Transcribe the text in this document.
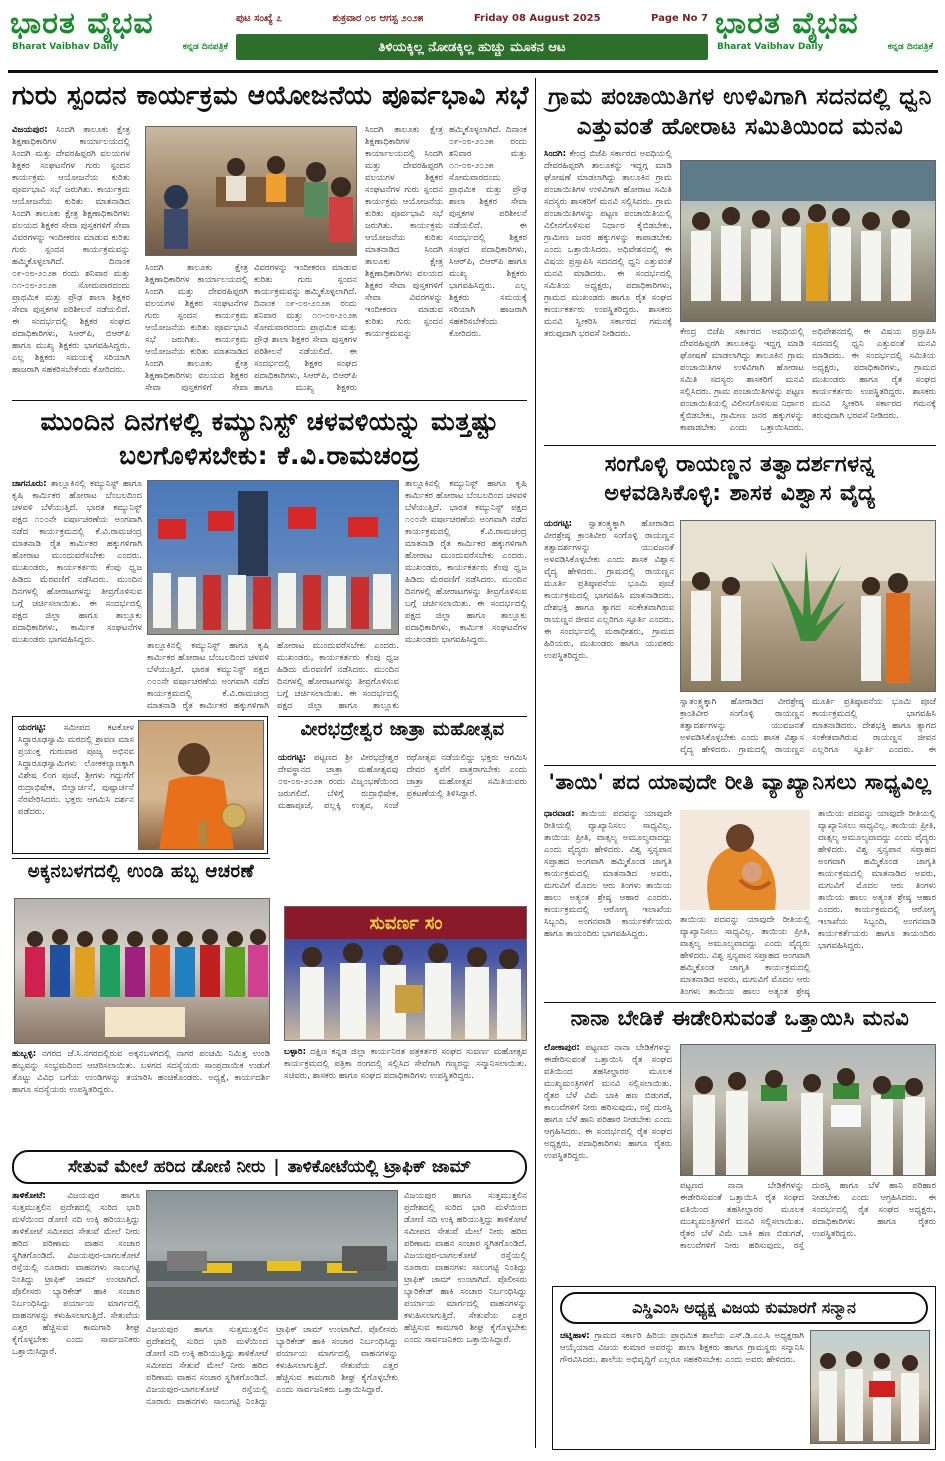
ಭಾರತ ವೈಭವ
Bharat Vaibhav Daily	ಕನ್ನಡ ದಿನಪತ್ರಿಕೆ
ಪುಟ ಸಂಖ್ಯೆ ೭	ಶುಕ್ರವಾರ ೦೮ ಆಗಸ್ಟ ೨೦೨೫	Friday 08 August 2025	Page No 7
ತಿಳಿಯಕ್ಕಿಲ್ಲ ನೋಡಕ್ಕಿಲ್ಲ ಹುಚ್ಚು ಮೂಕನ ಆಟ
ಭಾರತ ವೈಭವ
Bharat Vaibhav Daily	ಕನ್ನಡ ದಿನಪತ್ರಿಕೆ
ಗುರು ಸ್ಪಂದನ ಕಾರ್ಯಕ್ರಮ ಆಯೋಜನೆಯ ಪೂರ್ವಭಾವಿ ಸಭೆ
ವಿಜಯಪುರ: ಸಿಂದಗಿ ತಾಲೂಕು ಕ್ಷೇತ್ರ ಶಿಕ್ಷಣಾಧಿಕಾರಿಗಳ ಕಾರ್ಯಾಲಯದಲ್ಲಿ ಸಿಂದಗಿ ಮತ್ತು ದೇವರಹಿಪ್ಪರಗಿ ವಲಯಗಳ ಶಿಕ್ಷಕರ ಸಂಘಟನೆಗಳ ಗುರು ಸ್ಪಂದನ ಕಾರ್ಯಕ್ರಮ ಆಯೋಜನೆಯ ಕುರಿತು ಪೂರ್ವಭಾವಿ ಸಭೆ ಜರುಗಿತು. ಕಾರ್ಯಕ್ರಮ ಆಯೋಜನೆಯ ಕುರಿತು ಮಾತನಾಡಿದ ಸಿಂದಗಿ ತಾಲೂಕು ಕ್ಷೇತ್ರ ಶಿಕ್ಷಣಾಧಿಕಾರಿಗಳು ವಲಯದ ಶಿಕ್ಷಕರ ಸೇವಾ ಪುಸ್ತಕಗಳಿಗೆ ಸೇವಾ ವಿವರಗಳನ್ನು ಇಂದೀಕರಣ ಮಾಡುವ ಕುರಿತು ಗುರು ಸ್ಪಂದನ ಕಾರ್ಯಕ್ರಮವನ್ನು ಹಮ್ಮಿಕೊಳ್ಳಲಾಗಿದೆ. ದಿನಾಂಕ ೦೯-೦೮-೨೦೨೫ ರಂದು ಶನಿವಾರ ಮತ್ತು ೧೧-೦೮-೨೦೨೫ ಸೋಮವಾರದಂದು ಪ್ರಾಥಮಿಕ ಮತ್ತು ಪ್ರೌಢ ಶಾಲಾ ಶಿಕ್ಷಕರ ಸೇವಾ ಪುಸ್ತಕಗಳ ಪರಿಶೀಲನೆ ನಡೆಯಲಿದೆ. ಈ ಸಂದರ್ಭದಲ್ಲಿ ಶಿಕ್ಷಕರ ಸಂಘದ ಪದಾಧಿಕಾರಿಗಳು, ಸಿಆರ್‌ಪಿ, ಬಿಆರ್‌ಪಿ ಹಾಗೂ ಮುಖ್ಯ ಶಿಕ್ಷಕರು ಭಾಗವಹಿಸಿದ್ದರು. ಎಲ್ಲ ಶಿಕ್ಷಕರು ಸಮಯಕ್ಕೆ ಸರಿಯಾಗಿ ಹಾಜರಾಗಿ ಸಹಕರಿಸಬೇಕೆಂದು ಕೋರಿದರು.
ಸಿಂದಗಿ ತಾಲೂಕು ಕ್ಷೇತ್ರ ಶಿಕ್ಷಣಾಧಿಕಾರಿಗಳ ಕಾರ್ಯಾಲಯದಲ್ಲಿ ಸಿಂದಗಿ ಮತ್ತು ದೇವರಹಿಪ್ಪರಗಿ ವಲಯಗಳ ಶಿಕ್ಷಕರ ಸಂಘಟನೆಗಳ ಗುರು ಸ್ಪಂದನ ಕಾರ್ಯಕ್ರಮ ಆಯೋಜನೆಯ ಕುರಿತು ಪೂರ್ವಭಾವಿ ಸಭೆ ಜರುಗಿತು. ಕಾರ್ಯಕ್ರಮ ಆಯೋಜನೆಯ ಕುರಿತು ಮಾತನಾಡಿದ ಸಿಂದಗಿ ತಾಲೂಕು ಕ್ಷೇತ್ರ ಶಿಕ್ಷಣಾಧಿಕಾರಿಗಳು ವಲಯದ ಶಿಕ್ಷಕರ ಸೇವಾ ಪುಸ್ತಕಗಳಿಗೆ ಸೇವಾ ವಿವರಗಳನ್ನು ಇಂದೀಕರಣ ಮಾಡುವ ಕುರಿತು ಗುರು ಸ್ಪಂದನ ಕಾರ್ಯಕ್ರಮವನ್ನು ಹಮ್ಮಿಕೊಳ್ಳಲಾಗಿದೆ. ದಿನಾಂಕ ೦೯-೦೮-೨೦೨೫ ರಂದು ಶನಿವಾರ ಮತ್ತು ೧೧-೦೮-೨೦೨೫ ಸೋಮವಾರದಂದು ಪ್ರಾಥಮಿಕ ಮತ್ತು ಪ್ರೌಢ ಶಾಲಾ ಶಿಕ್ಷಕರ ಸೇವಾ ಪುಸ್ತಕಗಳ ಪರಿಶೀಲನೆ ನಡೆಯಲಿದೆ. ಈ ಸಂದರ್ಭದಲ್ಲಿ ಶಿಕ್ಷಕರ ಸಂಘದ ಪದಾಧಿಕಾರಿಗಳು, ಸಿಆರ್‌ಪಿ, ಬಿಆರ್‌ಪಿ ಹಾಗೂ ಮುಖ್ಯ ಶಿಕ್ಷಕರು ಭಾಗವಹಿಸಿದ್ದರು. ಎಲ್ಲ ಶಿಕ್ಷಕರು ಸಮಯಕ್ಕೆ ಸರಿಯಾಗಿ ಹಾಜರಾಗಿ ಸಹಕರಿಸಬೇಕೆಂದು ಕೋರಿದರು.
ಸಿಂದಗಿ ತಾಲೂಕು ಕ್ಷೇತ್ರ ಶಿಕ್ಷಣಾಧಿಕಾರಿಗಳ ಕಾರ್ಯಾಲಯದಲ್ಲಿ ಸಿಂದಗಿ ಮತ್ತು ದೇವರಹಿಪ್ಪರಗಿ ವಲಯಗಳ ಶಿಕ್ಷಕರ ಸಂಘಟನೆಗಳ ಗುರು ಸ್ಪಂದನ ಕಾರ್ಯಕ್ರಮ ಆಯೋಜನೆಯ ಕುರಿತು ಪೂರ್ವಭಾವಿ ಸಭೆ ಜರುಗಿತು. ಕಾರ್ಯಕ್ರಮ ಆಯೋಜನೆಯ ಕುರಿತು ಮಾತನಾಡಿದ ಸಿಂದಗಿ ತಾಲೂಕು ಕ್ಷೇತ್ರ ಶಿಕ್ಷಣಾಧಿಕಾರಿಗಳು ವಲಯದ ಶಿಕ್ಷಕರ ಸೇವಾ ಪುಸ್ತಕಗಳಿಗೆ ಸೇವಾ ವಿವರಗಳನ್ನು ಇಂದೀಕರಣ ಮಾಡುವ ಕುರಿತು ಗುರು ಸ್ಪಂದನ ಕಾರ್ಯಕ್ರಮವನ್ನು ಹಮ್ಮಿಕೊಳ್ಳಲಾಗಿದೆ. ದಿನಾಂಕ ೦೯-೦೮-೨೦೨೫ ರಂದು ಶನಿವಾರ ಮತ್ತು ೧೧-೦೮-೨೦೨೫ ಸೋಮವಾರದಂದು ಪ್ರಾಥಮಿಕ ಮತ್ತು ಪ್ರೌಢ ಶಾಲಾ ಶಿಕ್ಷಕರ ಸೇವಾ ಪುಸ್ತಕಗಳ ಪರಿಶೀಲನೆ ನಡೆಯಲಿದೆ. ಈ ಸಂದರ್ಭದಲ್ಲಿ ಶಿಕ್ಷಕರ ಸಂಘದ ಪದಾಧಿಕಾರಿಗಳು, ಸಿಆರ್‌ಪಿ, ಬಿಆರ್‌ಪಿ ಹಾಗೂ ಮುಖ್ಯ ಶಿಕ್ಷಕರು
ಗ್ರಾಮ ಪಂಚಾಯಿತಿಗಳ ಉಳಿವಿಗಾಗಿ ಸದನದಲ್ಲಿ ಧ್ವನಿ ಎತ್ತುವಂತೆ ಹೋರಾಟ ಸಮಿತಿಯಿಂದ ಮನವಿ
ಸಿಂದಗಿ: ಕೇಂದ್ರ ಬಿಜೆಪಿ ಸರ್ಕಾರದ ಅವಧಿಯಲ್ಲಿ ದೇವರಹಿಪ್ಪರಗಿ ತಾಲೂಕನ್ನು ಇದ್ದಗ್ಗ ಮಾಡಿ ಘೋಷಣೆ ಮಾಡಲಾಗಿದ್ದು ತಾಲೂಕಿನ ಗ್ರಾಮ ಪಂಚಾಯಿತಿಗಳ ಉಳಿವಿಗಾಗಿ ಹೋರಾಟ ಸಮಿತಿ ಸದಸ್ಯರು ಶಾಸಕರಿಗೆ ಮನವಿ ಸಲ್ಲಿಸಿದರು. ಗ್ರಾಮ ಪಂಚಾಯಿತಿಗಳನ್ನು ಪಟ್ಟಣ ಪಂಚಾಯಿತಿಯಲ್ಲಿ ವಿಲೀನಗೊಳಿಸುವ ನಿರ್ಧಾರ ಕೈಬಿಡಬೇಕು, ಗ್ರಾಮೀಣ ಜನರ ಹಕ್ಕುಗಳನ್ನು ಕಾಪಾಡಬೇಕು ಎಂದು ಒತ್ತಾಯಿಸಿದರು. ಅಧಿವೇಶನದಲ್ಲಿ ಈ ವಿಷಯ ಪ್ರಸ್ತಾಪಿಸಿ ಸದನದಲ್ಲಿ ಧ್ವನಿ ಎತ್ತುವಂತೆ ಮನವಿ ಮಾಡಿದರು. ಈ ಸಂದರ್ಭದಲ್ಲಿ ಸಮಿತಿಯ ಅಧ್ಯಕ್ಷರು, ಪದಾಧಿಕಾರಿಗಳು, ಗ್ರಾಮದ ಮುಖಂಡರು ಹಾಗೂ ರೈತ ಸಂಘದ ಕಾರ್ಯಕರ್ತರು ಉಪಸ್ಥಿತರಿದ್ದರು. ಶಾಸಕರು ಮನವಿ ಸ್ವೀಕರಿಸಿ ಸರ್ಕಾರದ ಗಮನಕ್ಕೆ ತರುವುದಾಗಿ ಭರವಸೆ ನೀಡಿದರು.	ಕೇಂದ್ರ ಬಿಜೆಪಿ ಸರ್ಕಾರದ ಅವಧಿಯಲ್ಲಿ ದೇವರಹಿಪ್ಪರಗಿ ತಾಲೂಕನ್ನು ಇದ್ದಗ್ಗ ಮಾಡಿ ಘೋಷಣೆ ಮಾಡಲಾಗಿದ್ದು ತಾಲೂಕಿನ ಗ್ರಾಮ ಪಂಚಾಯಿತಿಗಳ ಉಳಿವಿಗಾಗಿ ಹೋರಾಟ ಸಮಿತಿ ಸದಸ್ಯರು ಶಾಸಕರಿಗೆ ಮನವಿ ಸಲ್ಲಿಸಿದರು. ಗ್ರಾಮ ಪಂಚಾಯಿತಿಗಳನ್ನು ಪಟ್ಟಣ ಪಂಚಾಯಿತಿಯಲ್ಲಿ ವಿಲೀನಗೊಳಿಸುವ ನಿರ್ಧಾರ ಕೈಬಿಡಬೇಕು, ಗ್ರಾಮೀಣ ಜನರ ಹಕ್ಕುಗಳನ್ನು ಕಾಪಾಡಬೇಕು ಎಂದು ಒತ್ತಾಯಿಸಿದರು. ಅಧಿವೇಶನದಲ್ಲಿ ಈ ವಿಷಯ ಪ್ರಸ್ತಾಪಿಸಿ ಸದನದಲ್ಲಿ ಧ್ವನಿ ಎತ್ತುವಂತೆ ಮನವಿ ಮಾಡಿದರು. ಈ ಸಂದರ್ಭದಲ್ಲಿ ಸಮಿತಿಯ ಅಧ್ಯಕ್ಷರು, ಪದಾಧಿಕಾರಿಗಳು, ಗ್ರಾಮದ ಮುಖಂಡರು ಹಾಗೂ ರೈತ ಸಂಘದ ಕಾರ್ಯಕರ್ತರು ಉಪಸ್ಥಿತರಿದ್ದರು. ಶಾಸಕರು ಮನವಿ ಸ್ವೀಕರಿಸಿ ಸರ್ಕಾರದ ಗಮನಕ್ಕೆ ತರುವುದಾಗಿ ಭರವಸೆ ನೀಡಿದರು.
ಮುಂದಿನ ದಿನಗಳಲ್ಲಿ ಕಮ್ಯುನಿಸ್ಟ್ ಚಳವಳಿಯನ್ನು ಮತ್ತಷ್ಟು ಬಲಗೊಳಿಸಬೇಕು: ಕೆ.ವಿ.ರಾಮಚಂದ್ರ
ಚಾಗನೂರು: ತಾಲ್ಲೂಕಿನಲ್ಲಿ ಕಮ್ಯುನಿಸ್ಟ್ ಹಾಗೂ ಕೃಷಿ ಕಾರ್ಮಿಕರ ಹೋರಾಟ ಬೆಂಬಲದಿಂದ ಚಳವಳಿ ಬೆಳೆಯುತ್ತಿದೆ. ಭಾರತ ಕಮ್ಯುನಿಸ್ಟ್ ಪಕ್ಷದ ೧೦೦ನೇ ವರ್ಷಾಚರಣೆಯ ಅಂಗವಾಗಿ ನಡೆದ ಕಾರ್ಯಕ್ರಮದಲ್ಲಿ ಕೆ.ವಿ.ರಾಮಚಂದ್ರ ಮಾತನಾಡಿ ರೈತ ಕಾರ್ಮಿಕರ ಹಕ್ಕುಗಳಿಗಾಗಿ ಹೋರಾಟ ಮುಂದುವರೆಸಬೇಕು ಎಂದರು. ಮುಖಂಡರು, ಕಾರ್ಯಕರ್ತರು ಕೆಂಪು ಧ್ವಜ ಹಿಡಿದು ಮೆರವಣಿಗೆ ನಡೆಸಿದರು. ಮುಂದಿನ ದಿನಗಳಲ್ಲಿ ಹೋರಾಟಗಳನ್ನು ತೀವ್ರಗೊಳಿಸುವ ಬಗ್ಗೆ ಚರ್ಚಿಸಲಾಯಿತು. ಈ ಸಂದರ್ಭದಲ್ಲಿ ಪಕ್ಷದ ಜಿಲ್ಲಾ ಹಾಗೂ ತಾಲ್ಲೂಕು ಪದಾಧಿಕಾರಿಗಳು, ಕಾರ್ಮಿಕ ಸಂಘಟನೆಗಳ ಮುಖಂಡರು ಭಾಗವಹಿಸಿದ್ದರು.
ತಾಲ್ಲೂಕಿನಲ್ಲಿ ಕಮ್ಯುನಿಸ್ಟ್ ಹಾಗೂ ಕೃಷಿ ಕಾರ್ಮಿಕರ ಹೋರಾಟ ಬೆಂಬಲದಿಂದ ಚಳವಳಿ ಬೆಳೆಯುತ್ತಿದೆ. ಭಾರತ ಕಮ್ಯುನಿಸ್ಟ್ ಪಕ್ಷದ ೧೦೦ನೇ ವರ್ಷಾಚರಣೆಯ ಅಂಗವಾಗಿ ನಡೆದ ಕಾರ್ಯಕ್ರಮದಲ್ಲಿ ಕೆ.ವಿ.ರಾಮಚಂದ್ರ ಮಾತನಾಡಿ ರೈತ ಕಾರ್ಮಿಕರ ಹಕ್ಕುಗಳಿಗಾಗಿ ಹೋರಾಟ ಮುಂದುವರೆಸಬೇಕು ಎಂದರು. ಮುಖಂಡರು, ಕಾರ್ಯಕರ್ತರು ಕೆಂಪು ಧ್ವಜ ಹಿಡಿದು ಮೆರವಣಿಗೆ ನಡೆಸಿದರು. ಮುಂದಿನ ದಿನಗಳಲ್ಲಿ ಹೋರಾಟಗಳನ್ನು ತೀವ್ರಗೊಳಿಸುವ ಬಗ್ಗೆ ಚರ್ಚಿಸಲಾಯಿತು. ಈ ಸಂದರ್ಭದಲ್ಲಿ ಪಕ್ಷದ ಜಿಲ್ಲಾ ಹಾಗೂ ತಾಲ್ಲೂಕು
ತಾಲ್ಲೂಕಿನಲ್ಲಿ ಕಮ್ಯುನಿಸ್ಟ್ ಹಾಗೂ ಕೃಷಿ ಕಾರ್ಮಿಕರ ಹೋರಾಟ ಬೆಂಬಲದಿಂದ ಚಳವಳಿ ಬೆಳೆಯುತ್ತಿದೆ. ಭಾರತ ಕಮ್ಯುನಿಸ್ಟ್ ಪಕ್ಷದ ೧೦೦ನೇ ವರ್ಷಾಚರಣೆಯ ಅಂಗವಾಗಿ ನಡೆದ ಕಾರ್ಯಕ್ರಮದಲ್ಲಿ ಕೆ.ವಿ.ರಾಮಚಂದ್ರ ಮಾತನಾಡಿ ರೈತ ಕಾರ್ಮಿಕರ ಹಕ್ಕುಗಳಿಗಾಗಿ ಹೋರಾಟ ಮುಂದುವರೆಸಬೇಕು ಎಂದರು. ಮುಖಂಡರು, ಕಾರ್ಯಕರ್ತರು ಕೆಂಪು ಧ್ವಜ ಹಿಡಿದು ಮೆರವಣಿಗೆ ನಡೆಸಿದರು. ಮುಂದಿನ ದಿನಗಳಲ್ಲಿ ಹೋರಾಟಗಳನ್ನು ತೀವ್ರಗೊಳಿಸುವ ಬಗ್ಗೆ ಚರ್ಚಿಸಲಾಯಿತು. ಈ ಸಂದರ್ಭದಲ್ಲಿ ಪಕ್ಷದ ಜಿಲ್ಲಾ ಹಾಗೂ ತಾಲ್ಲೂಕು ಪದಾಧಿಕಾರಿಗಳು, ಕಾರ್ಮಿಕ ಸಂಘಟನೆಗಳ ಮುಖಂಡರು ಭಾಗವಹಿಸಿದ್ದರು.
ಸಂಗೊಳ್ಳಿ ರಾಯಣ್ಣನ ತತ್ವಾದರ್ಶಗಳನ್ನ ಅಳವಡಿಸಿಕೊಳ್ಳಿ: ಶಾಸಕ ವಿಶ್ವಾಸ ವೈದ್ಯ
ಯರಗಟ್ಟಿ: ಸ್ವಾತಂತ್ರ್ಯಕ್ಕಾಗಿ ಹೋರಾಡಿದ ವೀರಶ್ರೇಷ್ಠ ಕ್ರಾಂತಿವೀರ ಸಂಗೊಳ್ಳಿ ರಾಯಣ್ಣನ ತತ್ವಾದರ್ಶಗಳನ್ನು ಯುವಜನತೆ ಅಳವಡಿಸಿಕೊಳ್ಳಬೇಕು ಎಂದು ಶಾಸಕ ವಿಶ್ವಾಸ ವೈದ್ಯ ಹೇಳಿದರು. ಗ್ರಾಮದಲ್ಲಿ ರಾಯಣ್ಣನ ಮೂರ್ತಿ ಪ್ರತಿಷ್ಠಾಪನೆಯ ಭೂಮಿ ಪೂಜೆ ಕಾರ್ಯಕ್ರಮದಲ್ಲಿ ಭಾಗವಹಿಸಿ ಮಾತನಾಡಿದರು. ದೇಶಭಕ್ತಿ ಹಾಗೂ ತ್ಯಾಗದ ಸಂಕೇತವಾಗಿರುವ ರಾಯಣ್ಣನ ಜೀವನ ಎಲ್ಲರಿಗೂ ಸ್ಫೂರ್ತಿ ಎಂದರು. ಈ ಸಂದರ್ಭದಲ್ಲಿ ಮಠಾಧೀಶರು, ಗ್ರಾಮದ ಹಿರಿಯರು, ಮುಖಂಡರು ಹಾಗೂ ಯುವಕರು ಉಪಸ್ಥಿತರಿದ್ದರು.
ಸ್ವಾತಂತ್ರ್ಯಕ್ಕಾಗಿ ಹೋರಾಡಿದ ವೀರಶ್ರೇಷ್ಠ ಕ್ರಾಂತಿವೀರ ಸಂಗೊಳ್ಳಿ ರಾಯಣ್ಣನ ತತ್ವಾದರ್ಶಗಳನ್ನು ಯುವಜನತೆ ಅಳವಡಿಸಿಕೊಳ್ಳಬೇಕು ಎಂದು ಶಾಸಕ ವಿಶ್ವಾಸ ವೈದ್ಯ ಹೇಳಿದರು. ಗ್ರಾಮದಲ್ಲಿ ರಾಯಣ್ಣನ ಮೂರ್ತಿ ಪ್ರತಿಷ್ಠಾಪನೆಯ ಭೂಮಿ ಪೂಜೆ ಕಾರ್ಯಕ್ರಮದಲ್ಲಿ ಭಾಗವಹಿಸಿ ಮಾತನಾಡಿದರು. ದೇಶಭಕ್ತಿ ಹಾಗೂ ತ್ಯಾಗದ ಸಂಕೇತವಾಗಿರುವ ರಾಯಣ್ಣನ ಜೀವನ ಎಲ್ಲರಿಗೂ ಸ್ಫೂರ್ತಿ ಎಂದರು. ಈ
ಯರಗಟ್ಟಿ: ಸಮೀಪದ ಕಟಕೋಳ ಸಿದ್ಧಾರೂಢಸ್ವಾಮಿ ಮಠದಲ್ಲಿ ಶ್ರಾವಣ ಮಾಸ ಪ್ರಯುಕ್ತ ಗುರುವಾರ ಪೂಜ್ಯ ಅಭಿನವ ಸಿದ್ಧಾರೂಢಸ್ವಾಮಿಗಳು ಲೋಕಕಲ್ಯಾಣಕ್ಕಾಗಿ ವಿಶೇಷ ಲಿಂಗ ಪೂಜೆ, ಶ್ರೀಗಳು ಗದ್ದುಗೆಗೆ ರುದ್ರಾಭಿಷೇಕ, ಬಿಲ್ವಾರ್ಚನೆ, ಪುಷ್ಪಾರ್ಚನೆ ನೆರವೇರಿಸಿದರು. ಭಕ್ತರು ಆಗಮಿಸಿ ದರ್ಶನ ಪಡೆದರು.
ವೀರಭದ್ರೇಶ್ವರ ಜಾತ್ರಾ ಮಹೋತ್ಸವ
ಯರಗಟ್ಟಿ: ಪಟ್ಟಣದ ಶ್ರೀ ವೀರಭದ್ರೇಶ್ವರ ದೇವಸ್ಥಾನದ ಜಾತ್ರಾ ಮಹೋತ್ಸವವು ೦೮-೦೮-೨೦೨೫ ರಂದು ವಿಜೃಂಭಣೆಯಿಂದ ಜರುಗಲಿದೆ. ಬೆಳಿಗ್ಗೆ ರುದ್ರಾಭಿಷೇಕ, ಮಹಾಪೂಜೆ, ಪಲ್ಲಕ್ಕಿ ಉತ್ಸವ, ಸಂಜೆ ರಥೋತ್ಸವ ನಡೆಯಲಿದ್ದು ಭಕ್ತರು ಆಗಮಿಸಿ ದೇವರ ಕೃಪೆಗೆ ಪಾತ್ರರಾಗಬೇಕು ಎಂದು ಜಾತ್ರಾ ಮಹೋತ್ಸವ ಸಮಿತಿಯವರು ಪ್ರಕಟಣೆಯಲ್ಲಿ ತಿಳಿಸಿದ್ದಾರೆ.	'ತಾಯಿ' ಪದ ಯಾವುದೇ ರೀತಿ ವ್ಯಾಖ್ಯಾನಿಸಲು ಸಾಧ್ಯವಿಲ್ಲ
ಧಾರವಾಡ: ತಾಯಿಯ ಪದವನ್ನು ಯಾವುದೇ ರೀತಿಯಲ್ಲಿ ವ್ಯಾಖ್ಯಾನಿಸಲು ಸಾಧ್ಯವಿಲ್ಲ. ತಾಯಿಯ ಪ್ರೀತಿ, ವಾತ್ಸಲ್ಯ ಅಮೂಲ್ಯವಾದದ್ದು ಎಂದು ವೈದ್ಯರು ಹೇಳಿದರು. ವಿಶ್ವ ಸ್ತನ್ಯಪಾನ ಸಪ್ತಾಹದ ಅಂಗವಾಗಿ ಹಮ್ಮಿಕೊಂಡ ಜಾಗೃತಿ ಕಾರ್ಯಕ್ರಮದಲ್ಲಿ ಮಾತನಾಡಿದ ಅವರು, ಮಗುವಿಗೆ ಮೊದಲ ಆರು ತಿಂಗಳು ತಾಯಿಯ ಹಾಲು ಅತ್ಯಂತ ಶ್ರೇಷ್ಠ ಆಹಾರ ಎಂದರು. ಕಾರ್ಯಕ್ರಮದಲ್ಲಿ ಆರೋಗ್ಯ ಇಲಾಖೆಯ ಸಿಬ್ಬಂದಿ, ಅಂಗನವಾಡಿ ಕಾರ್ಯಕರ್ತೆಯರು ಹಾಗೂ ತಾಯಂದಿರು ಭಾಗವಹಿಸಿದ್ದರು.
ತಾಯಿಯ ಪದವನ್ನು ಯಾವುದೇ ರೀತಿಯಲ್ಲಿ ವ್ಯಾಖ್ಯಾನಿಸಲು ಸಾಧ್ಯವಿಲ್ಲ. ತಾಯಿಯ ಪ್ರೀತಿ, ವಾತ್ಸಲ್ಯ ಅಮೂಲ್ಯವಾದದ್ದು ಎಂದು ವೈದ್ಯರು ಹೇಳಿದರು. ವಿಶ್ವ ಸ್ತನ್ಯಪಾನ ಸಪ್ತಾಹದ ಅಂಗವಾಗಿ ಹಮ್ಮಿಕೊಂಡ ಜಾಗೃತಿ ಕಾರ್ಯಕ್ರಮದಲ್ಲಿ ಮಾತನಾಡಿದ ಅವರು, ಮಗುವಿಗೆ ಮೊದಲ ಆರು ತಿಂಗಳು ತಾಯಿಯ ಹಾಲು ಅತ್ಯಂತ ಶ್ರೇಷ್ಠ ಆಹಾರ ಎಂದರು. ಕಾರ್ಯಕ್ರಮದಲ್ಲಿ ಆರೋಗ್ಯ ಇಲಾಖೆಯ ಸಿಬ್ಬಂದಿ, ಅಂಗನವಾಡಿ ಕಾರ್ಯಕರ್ತೆಯರು ಹಾಗೂ ತಾಯಂದಿರು ಭಾಗವಹಿಸಿದ್ದರು.
ತಾಯಿಯ ಪದವನ್ನು ಯಾವುದೇ ರೀತಿಯಲ್ಲಿ ವ್ಯಾಖ್ಯಾನಿಸಲು ಸಾಧ್ಯವಿಲ್ಲ. ತಾಯಿಯ ಪ್ರೀತಿ, ವಾತ್ಸಲ್ಯ ಅಮೂಲ್ಯವಾದದ್ದು ಎಂದು ವೈದ್ಯರು ಹೇಳಿದರು. ವಿಶ್ವ ಸ್ತನ್ಯಪಾನ ಸಪ್ತಾಹದ ಅಂಗವಾಗಿ ಹಮ್ಮಿಕೊಂಡ ಜಾಗೃತಿ ಕಾರ್ಯಕ್ರಮದಲ್ಲಿ ಮಾತನಾಡಿದ ಅವರು, ಮಗುವಿಗೆ ಮೊದಲ ಆರು ತಿಂಗಳು ತಾಯಿಯ ಹಾಲು ಅತ್ಯಂತ ಶ್ರೇಷ್ಠ
ಅಕ್ಕನಬಳಗದಲ್ಲಿ ಉಂಡಿ ಹಬ್ಬ ಆಚರಣೆ
ಹುಬ್ಬಳ್ಳಿ: ನಗರದ ಜೆ.ಸಿ.ನಗರದಲ್ಲಿರುವ ಅಕ್ಕನಬಳಗದಲ್ಲಿ ನಾಗರ ಪಂಚಮಿ ನಿಮಿತ್ತ ಉಂಡಿ ಹಬ್ಬವನ್ನು ಸಂಭ್ರಮದಿಂದ ಆಚರಿಸಲಾಯಿತು. ಬಳಗದ ಸದಸ್ಯೆಯರು ಸಾಂಪ್ರದಾಯಿಕ ಉಡುಗೆ ತೊಟ್ಟು ವಿವಿಧ ಬಗೆಯ ಉಂಡಿಗಳನ್ನು ತಯಾರಿಸಿ ಹಂಚಿಕೊಂಡರು. ಅಧ್ಯಕ್ಷೆ, ಕಾರ್ಯದರ್ಶಿ ಹಾಗೂ ಸದಸ್ಯೆಯರು ಉಪಸ್ಥಿತರಿದ್ದರು.
ಸುವರ್ಣ ಸಂ
ಬಳ್ಳಾರಿ: ದಕ್ಷಿಣ ಕನ್ನಡ ಜಿಲ್ಲಾ ಕಾರ್ಯನಿರತ ಪತ್ರಕರ್ತರ ಸಂಘದ ಸುವರ್ಣ ಮಹೋತ್ಸವ ಕಾರ್ಯಕ್ರಮದಲ್ಲಿ ಪತ್ರಿಕಾ ರಂಗದಲ್ಲಿ ಸಲ್ಲಿಸಿದ ಸೇವೆಗಾಗಿ ಗಣ್ಯರನ್ನು ಸನ್ಮಾನಿಸಲಾಯಿತು. ಸಚಿವರು, ಶಾಸಕರು ಹಾಗೂ ಸಂಘದ ಪದಾಧಿಕಾರಿಗಳು ಉಪಸ್ಥಿತರಿದ್ದರು.
ನಾನಾ ಬೇಡಿಕೆ ಈಡೇರಿಸುವಂತೆ ಒತ್ತಾಯಿಸಿ ಮನವಿ
ಲೋಕಾಪುರ: ಪಟ್ಟಣದ ನಾನಾ ಬೇಡಿಕೆಗಳನ್ನು ಈಡೇರಿಸುವಂತೆ ಒತ್ತಾಯಿಸಿ ರೈತ ಸಂಘದ ವತಿಯಿಂದ ತಹಸೀಲ್ದಾರರ ಮೂಲಕ ಮುಖ್ಯಮಂತ್ರಿಗಳಿಗೆ ಮನವಿ ಸಲ್ಲಿಸಲಾಯಿತು. ರೈತರ ಬೆಳೆ ವಿಮೆ ಬಾಕಿ ಹಣ ಬಿಡುಗಡೆ, ಕಾಲುವೆಗಳಿಗೆ ನೀರು ಹರಿಸುವುದು, ರಸ್ತೆ ದುರಸ್ತಿ ಹಾಗೂ ಬೆಳೆ ಹಾನಿ ಪರಿಹಾರ ನೀಡಬೇಕು ಎಂದು ಆಗ್ರಹಿಸಿದರು. ಈ ಸಂದರ್ಭದಲ್ಲಿ ರೈತ ಸಂಘದ ಅಧ್ಯಕ್ಷರು, ಪದಾಧಿಕಾರಿಗಳು ಹಾಗೂ ರೈತರು ಉಪಸ್ಥಿತರಿದ್ದರು.
ಪಟ್ಟಣದ ನಾನಾ ಬೇಡಿಕೆಗಳನ್ನು ಈಡೇರಿಸುವಂತೆ ಒತ್ತಾಯಿಸಿ ರೈತ ಸಂಘದ ವತಿಯಿಂದ ತಹಸೀಲ್ದಾರರ ಮೂಲಕ ಮುಖ್ಯಮಂತ್ರಿಗಳಿಗೆ ಮನವಿ ಸಲ್ಲಿಸಲಾಯಿತು. ರೈತರ ಬೆಳೆ ವಿಮೆ ಬಾಕಿ ಹಣ ಬಿಡುಗಡೆ, ಕಾಲುವೆಗಳಿಗೆ ನೀರು ಹರಿಸುವುದು, ರಸ್ತೆ ದುರಸ್ತಿ ಹಾಗೂ ಬೆಳೆ ಹಾನಿ ಪರಿಹಾರ ನೀಡಬೇಕು ಎಂದು ಆಗ್ರಹಿಸಿದರು. ಈ ಸಂದರ್ಭದಲ್ಲಿ ರೈತ ಸಂಘದ ಅಧ್ಯಕ್ಷರು, ಪದಾಧಿಕಾರಿಗಳು ಹಾಗೂ ರೈತರು ಉಪಸ್ಥಿತರಿದ್ದರು.
ಸೇತುವೆ ಮೇಲೆ ಹರಿದ ಡೋಣಿ ನೀರು | ತಾಳಿಕೋಟೆಯಲ್ಲಿ ಟ್ರಾಫಿಕ್ ಜಾಮ್
ತಾಳಿಕೋಟೆ: ವಿಜಯಪುರ ಹಾಗೂ ಸುತ್ತಮುತ್ತಲಿನ ಪ್ರದೇಶದಲ್ಲಿ ಸುರಿದ ಭಾರಿ ಮಳೆಯಿಂದ ಡೋಣಿ ನದಿ ಉಕ್ಕಿ ಹರಿಯುತ್ತಿದ್ದು ತಾಳಿಕೋಟೆ ಸಮೀಪದ ಸೇತುವೆ ಮೇಲೆ ನೀರು ಹರಿದ ಪರಿಣಾಮ ವಾಹನ ಸಂಚಾರ ಸ್ಥಗಿತಗೊಂಡಿದೆ. ವಿಜಯಪುರ-ಬಾಗಲಕೋಟೆ ರಸ್ತೆಯಲ್ಲಿ ನೂರಾರು ವಾಹನಗಳು ಸಾಲುಗಟ್ಟಿ ನಿಂತಿದ್ದು ಟ್ರಾಫಿಕ್ ಜಾಮ್ ಉಂಟಾಗಿದೆ. ಪೊಲೀಸರು ಬ್ಯಾರಿಕೇಡ್ ಹಾಕಿ ಸಂಚಾರ ನಿರ್ಬಂಧಿಸಿದ್ದು ಪರ್ಯಾಯ ಮಾರ್ಗದಲ್ಲಿ ವಾಹನಗಳನ್ನು ಕಳುಹಿಸಲಾಗುತ್ತಿದೆ. ಸೇತುವೆಯ ಎತ್ತರ ಹೆಚ್ಚಿಸುವ ಕಾಮಗಾರಿ ಶೀಘ್ರ ಕೈಗೊಳ್ಳಬೇಕು ಎಂದು ಸಾರ್ವಜನಿಕರು ಒತ್ತಾಯಿಸಿದ್ದಾರೆ.
ವಿಜಯಪುರ ಹಾಗೂ ಸುತ್ತಮುತ್ತಲಿನ ಪ್ರದೇಶದಲ್ಲಿ ಸುರಿದ ಭಾರಿ ಮಳೆಯಿಂದ ಡೋಣಿ ನದಿ ಉಕ್ಕಿ ಹರಿಯುತ್ತಿದ್ದು ತಾಳಿಕೋಟೆ ಸಮೀಪದ ಸೇತುವೆ ಮೇಲೆ ನೀರು ಹರಿದ ಪರಿಣಾಮ ವಾಹನ ಸಂಚಾರ ಸ್ಥಗಿತಗೊಂಡಿದೆ. ವಿಜಯಪುರ-ಬಾಗಲಕೋಟೆ ರಸ್ತೆಯಲ್ಲಿ ನೂರಾರು ವಾಹನಗಳು ಸಾಲುಗಟ್ಟಿ ನಿಂತಿದ್ದು ಟ್ರಾಫಿಕ್ ಜಾಮ್ ಉಂಟಾಗಿದೆ. ಪೊಲೀಸರು ಬ್ಯಾರಿಕೇಡ್ ಹಾಕಿ ಸಂಚಾರ ನಿರ್ಬಂಧಿಸಿದ್ದು ಪರ್ಯಾಯ ಮಾರ್ಗದಲ್ಲಿ ವಾಹನಗಳನ್ನು ಕಳುಹಿಸಲಾಗುತ್ತಿದೆ. ಸೇತುವೆಯ ಎತ್ತರ ಹೆಚ್ಚಿಸುವ ಕಾಮಗಾರಿ ಶೀಘ್ರ ಕೈಗೊಳ್ಳಬೇಕು ಎಂದು ಸಾರ್ವಜನಿಕರು ಒತ್ತಾಯಿಸಿದ್ದಾರೆ.
ವಿಜಯಪುರ ಹಾಗೂ ಸುತ್ತಮುತ್ತಲಿನ ಪ್ರದೇಶದಲ್ಲಿ ಸುರಿದ ಭಾರಿ ಮಳೆಯಿಂದ ಡೋಣಿ ನದಿ ಉಕ್ಕಿ ಹರಿಯುತ್ತಿದ್ದು ತಾಳಿಕೋಟೆ ಸಮೀಪದ ಸೇತುವೆ ಮೇಲೆ ನೀರು ಹರಿದ ಪರಿಣಾಮ ವಾಹನ ಸಂಚಾರ ಸ್ಥಗಿತಗೊಂಡಿದೆ. ವಿಜಯಪುರ-ಬಾಗಲಕೋಟೆ ರಸ್ತೆಯಲ್ಲಿ ನೂರಾರು ವಾಹನಗಳು ಸಾಲುಗಟ್ಟಿ ನಿಂತಿದ್ದು ಟ್ರಾಫಿಕ್ ಜಾಮ್ ಉಂಟಾಗಿದೆ. ಪೊಲೀಸರು ಬ್ಯಾರಿಕೇಡ್ ಹಾಕಿ ಸಂಚಾರ ನಿರ್ಬಂಧಿಸಿದ್ದು ಪರ್ಯಾಯ ಮಾರ್ಗದಲ್ಲಿ ವಾಹನಗಳನ್ನು ಕಳುಹಿಸಲಾಗುತ್ತಿದೆ. ಸೇತುವೆಯ ಎತ್ತರ ಹೆಚ್ಚಿಸುವ ಕಾಮಗಾರಿ ಶೀಘ್ರ ಕೈಗೊಳ್ಳಬೇಕು ಎಂದು ಸಾರ್ವಜನಿಕರು ಒತ್ತಾಯಿಸಿದ್ದಾರೆ.
ಎಸ್ಡಿಎಂಸಿ ಅಧ್ಯಕ್ಷ ವಿಜಯ ಕುಮಾರಗೆ ಸನ್ಮಾನ
ಚಟ್ನಿಹಾಳ: ಗ್ರಾಮದ ಸರ್ಕಾರಿ ಹಿರಿಯ ಪ್ರಾಥಮಿಕ ಶಾಲೆಯ ಎಸ್.ಡಿ.ಎಂ.ಸಿ ಅಧ್ಯಕ್ಷರಾಗಿ ಆಯ್ಕೆಯಾದ ವಿಜಯ ಕುಮಾರ ಅವರನ್ನು ಶಾಲಾ ಶಿಕ್ಷಕರು ಹಾಗೂ ಗ್ರಾಮಸ್ಥರು ಸನ್ಮಾನಿಸಿ ಗೌರವಿಸಿದರು. ಶಾಲೆಯ ಅಭಿವೃದ್ಧಿಗೆ ಎಲ್ಲರೂ ಸಹಕರಿಸಬೇಕು ಎಂದು ಅವರು ಹೇಳಿದರು.
